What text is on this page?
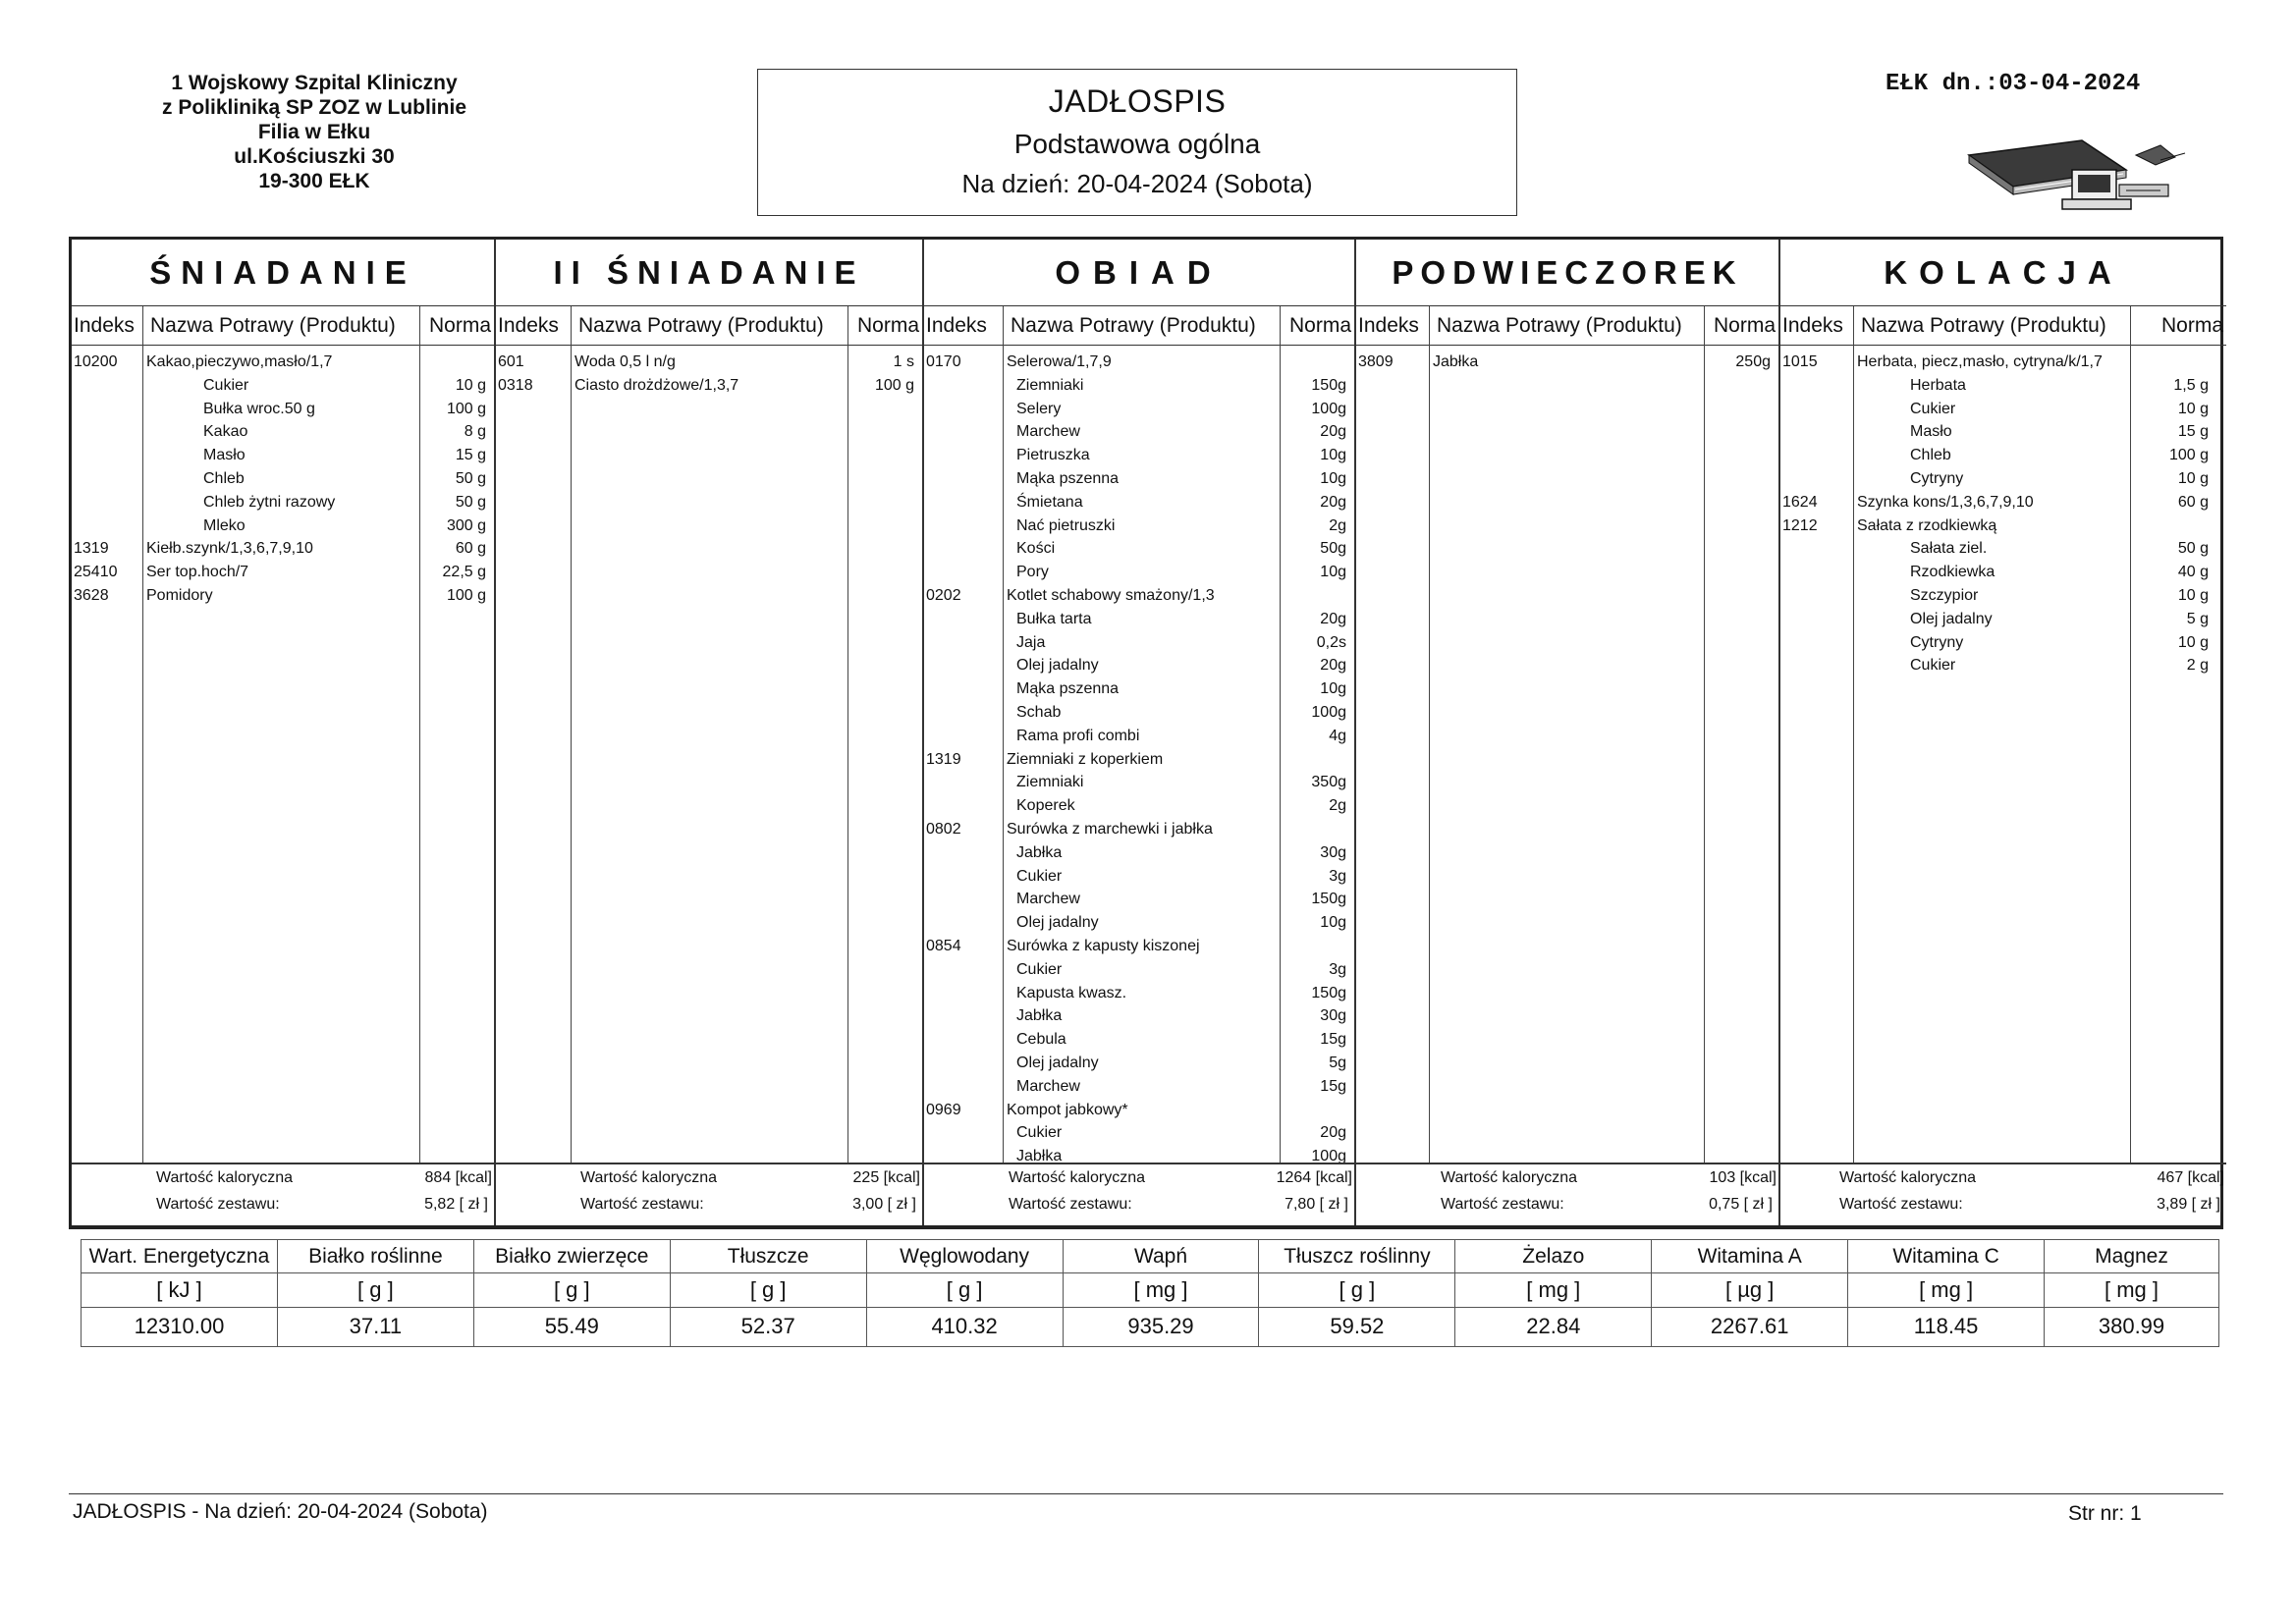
1 Wojskowy Szpital Kliniczny
z Polikliniką SP ZOZ w Lublinie
Filia w Ełku
ul.Kościuszki 30
19-300 EŁK
JADŁOSPIS
Podstawowa ogólna
Na dzień: 20-04-2024 (Sobota)
EŁK dn.:03-04-2024
ŚNIADANIE
Indeks Nazwa Potrawy (Produktu) Norma
10200 Kakao,pieczywo,masło/1,7
Cukier	10 g
Bułka wroc.50 g	100 g
Kakao	8 g
Masło	15 g
Chleb	50 g
Chleb żytni razowy	50 g
Mleko	300 g
1319 Kiełb.szynk/1,3,6,7,9,10	60 g
25410 Ser top.hoch/7	22,5 g
3628 Pomidory	100 g
Wartość kaloryczna	884 [kcal]
Wartość zestawu:	5,82 [ zł ]
II ŚNIADANIE
Indeks Nazwa Potrawy (Produktu) Norma
601	Woda 0,5 l n/g	1 s
0318	Ciasto drożdżowe/1,3,7	100 g
Wartość kaloryczna	225 [kcal]
Wartość zestawu:	3,00 [ zł ]
OBIAD
Indeks Nazwa Potrawy (Produktu) Norma
0170	Selerowa/1,7,9
Ziemniaki	150g
Selery	100g
Marchew	20g
Pietruszka	10g
Mąka pszenna	10g
Śmietana	20g
Nać pietruszki	2g
Kości	50g
Pory	10g
0202	Kotlet schabowy smażony/1,3
Bułka tarta	20g
Jaja	0,2s
Olej jadalny	20g
Mąka pszenna	10g
Schab	100g
Rama profi combi	4g
1319	Ziemniaki z koperkiem
Ziemniaki	350g
Koperek	2g
0802	Surówka z marchewki i jabłka
Jabłka	30g
Cukier	3g
Marchew	150g
Olej jadalny	10g
0854	Surówka z kapusty kiszonej
Cukier	3g
Kapusta kwasz.	150g
Jabłka	30g
Cebula	15g
Olej jadalny	5g
Marchew	15g
0969	Kompot jabkowy*
Cukier	20g
Jabłka	100g
Wartość kaloryczna	1264 [kcal]
Wartość zestawu:	7,80 [ zł ]
PODWIECZOREK
Indeks Nazwa Potrawy (Produktu) Norma
3809	Jabłka	250g
Wartość kaloryczna	103 [kcal]
Wartość zestawu:	0,75 [ zł ]
KOLACJA
Indeks Nazwa Potrawy (Produktu)	Norma
1015	Herbata, piecz,masło, cytryna/k/1,7
Herbata	1,5 g
Cukier	10 g
Masło	15 g
Chleb	100 g
Cytryny	10 g
1624	Szynka kons/1,3,6,7,9,10	60 g
1212	Sałata z rzodkiewką
Sałata ziel.	50 g
Rzodkiewka	40 g
Szczypior	10 g
Olej jadalny	5 g
Cytryny	10 g
Cukier	2 g
Wartość kaloryczna	467 [kcal]
Wartość zestawu:	3,89 [ zł ]
Wart. Energetyczna	Białko roślinne	Białko zwierzęce	Tłuszcze	Węglowodany	Wapń	Tłuszcz roślinny	Żelazo	Witamina A	Witamina C	Magnez
[ kJ ]	[ g ]	[ g ]	[ g ]	[ g ]	[ mg ]	[ g ]	[ mg ]	[ µg ]	[ mg ]	[ mg ]
12310.00	37.11	55.49	52.37	410.32	935.29	59.52	22.84	2267.61	118.45	380.99
JADŁOSPIS - Na dzień: 20-04-2024 (Sobota)	Str nr: 1
